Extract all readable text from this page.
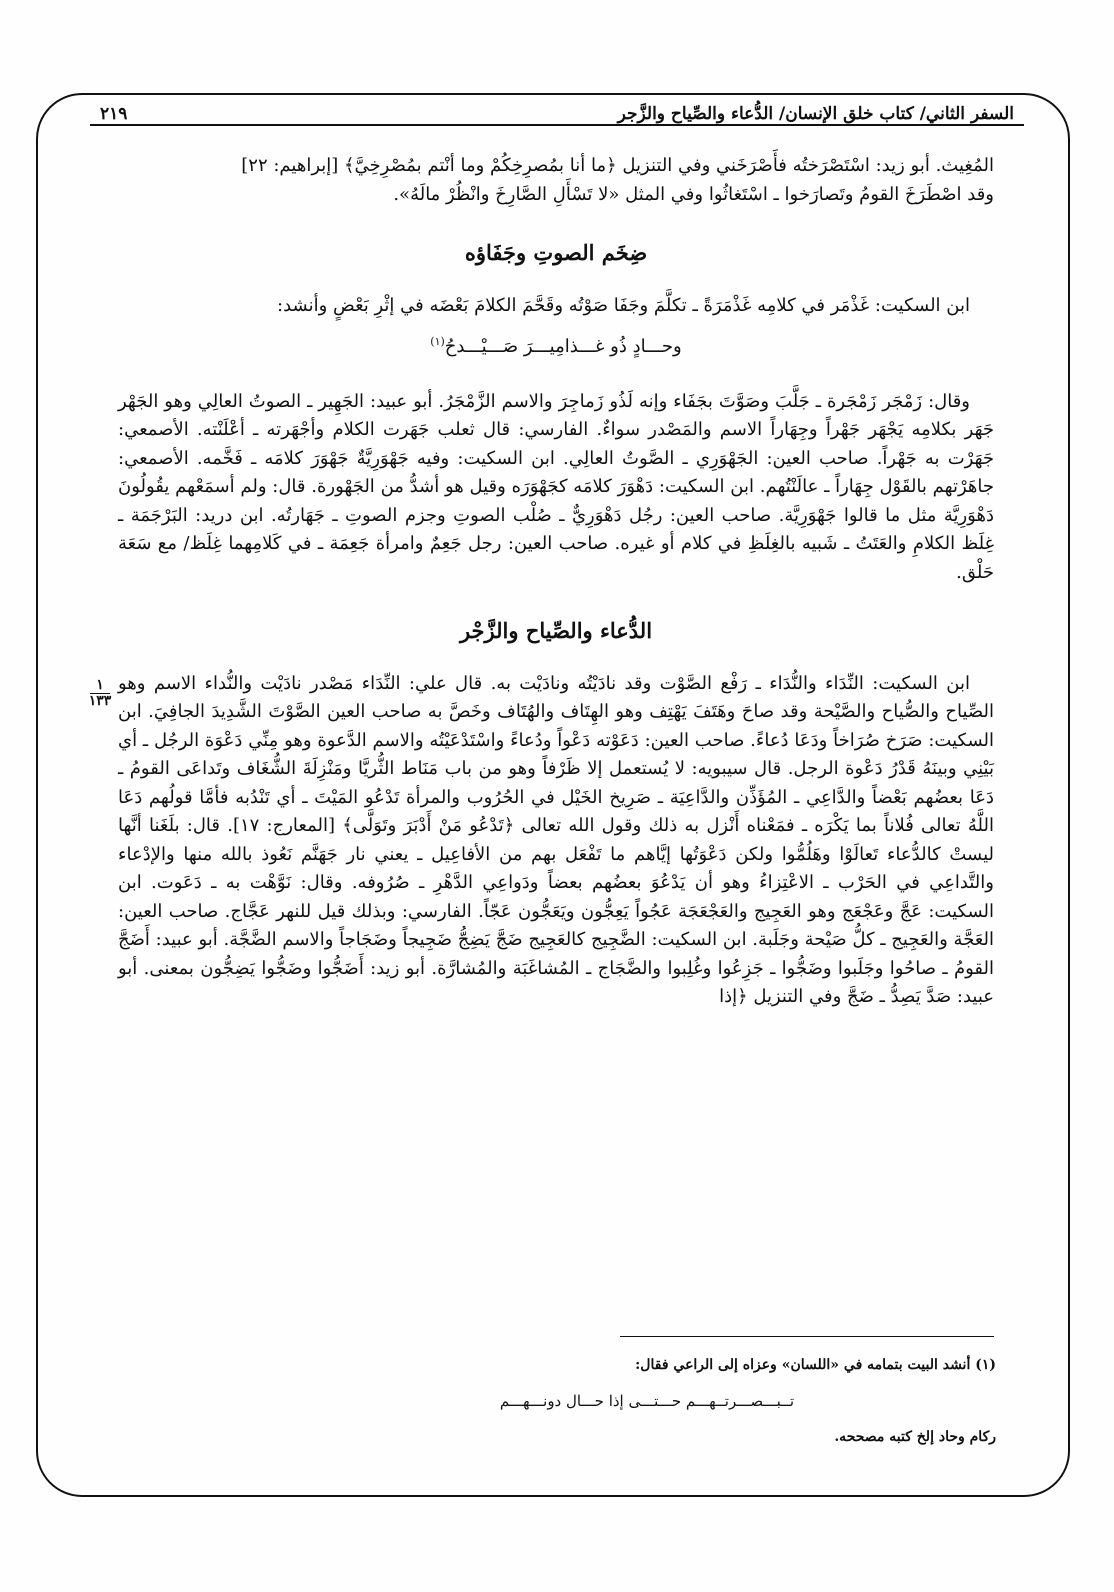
السفر الثاني/ كتاب خلق الإنسان/ الدُّعاء والصِّياح والزَّجر
٢١٩

المُغِيث. أبو زيد: اسْتَصْرَختُه فأَصْرَخَني وفي التنزيل ﴿ما أنا بمُصرِخِكُمْ وما أنْتم بمُصْرِخِيَّ﴾ [إبراهيم: ٢٢]

وقد اصْطَرَخَ القومُ وتَصارَخوا ـ اسْتَغاثُوا وفي المثل «لا تَسْأَلِ الصَّارِخَ وانْظُرْ مالَهُ».

ضِخَم الصوتِ وجَفَاؤه

ابن السكيت: غَذْمَر في كلامِه غَذْمَرَةً ـ تكلَّمَ وجَفَا صَوْتُه وقَحَّمَ الكلامَ بَعْضَه في إثْرِ بَعْضٍ وأنشد:

وحـــادٍ ذُو غـــذامِيـــرَ صَـــيْـــدحُ$^{(١)}$

وقال: زَمْجَر زَمْجَرة ـ جَلَّبَ وصَوَّتَ بجَفَاء وإنه لَذُو زَماجِرَ والاسم الزَّمْجَرُ. أبو عبيد: الجَهِير ـ الصوتُ العالِي وهو الجَهْر جَهَر بكلامِه يَجْهَر جَهْراً وجِهَاراً الاسم والمَصْدر سواءٌ. الفارسي: قال ثعلب جَهَرت الكلام وأجْهَرته ـ أعْلَنْته. الأصمعي: جَهَرْت به جَهْراً. صاحب العين: الجَهْوَرِي ـ الصَّوتُ العالِي. ابن السكيت: وفيه جَهْوَرِيَّةٌ جَهْوَرَ كلامَه ـ فَخَّمه. الأصمعي: جاهَرْتهم بالقَوْل جِهَاراً ـ عالَنْتُهم. ابن السكيت: دَهْوَرَ كلامَه كجَهْوَرَه وقيل هو أشدُّ من الجَهْورة. قال: ولم أسمَعْهم يقُولُونَ دَهْوَرِيَّة مثل ما قالوا جَهْوَرِيَّة. صاحب العين: رجُل دَهْوَرِيٌّ ـ صُلْب الصوتِ وجزم الصوتِ ـ جَهَارتُه. ابن دريد: البَرْجَمَة ـ غِلَظ الكلامِ والعَتَتُ ـ شَبيه بالغِلَظِ في كلام أو غيره. صاحب العين: رجل جَعِمٌ وامرأة جَعِمَة ـ في كَلامِهما غِلَظ/ مع سَعَة حَلْق.

الدُّعاء والصِّياح والزَّجْر

ابن السكيت: النِّدَاء والنُّدَاء ـ رَفْع الصَّوْت وقد نادَيْتُه ونادَيْت به. قال علي: النِّدَاء مَصْدر نادَيْت والنُّداء الاسم وهو الصِّياح والصُّياح والصَّيْحة وقد صاحَ وهَتَفَ يَهْتِف وهو الهِتَاف والهُتَاف وخَصَّ به صاحب العين الصَّوْتَ الشَّدِيدَ الجافِيَ. ابن السكيت: صَرَخ صُرَاخاً ودَعَا دُعاءً. صاحب العين: دَعَوْته دَعْواً ودُعاءً واسْتَدْعَيْتُه والاسم الدَّعوة وهو مِنِّي دَعْوَة الرجُل ـ أي بَيْنِي وبينَهُ قَدْرُ دَعْوة الرجل. قال سيبويه: لا يُستعمل إلا ظَرْفاً وهو من باب مَنَاط الثُّريَّا ومَنْزِلَةَ الشُّغَاف وتَداعَى القومُ ـ دَعَا بعضُهم بَعْضاً والدَّاعِي ـ المُؤَذِّن والدَّاعِيَة ـ صَرِيخ الخَيْل في الحُرُوب والمرأة تَدْعُو المَيْتَ ـ أي تَنْدُبه فأمَّا قولُهم دَعَا اللَّهُ تعالى فُلاناً بما يَكْرَه ـ فمَعْناه أَنْزل به ذلك وقول الله تعالى ﴿تَدْعُو مَنْ أَدْبَرَ وتَوَلَّى﴾ [المعارج: ١٧]. قال: بلَغَنا أنَّها ليستْ كالدُّعاء تَعالَوْا وهَلُمُّوا ولكن دَعْوَتُها إيَّاهم ما تَفْعَل بهم من الأفاعِيل ـ يعني نار جَهَنَّم نَعُوذ بالله منها والإدْعاء والتَّداعِي في الحَرْب ـ الاعْتِزاءُ وهو أن يَدْعُوَ بعضُهم بعضاً ودَواعِي الدَّهْرِ ـ صُرُوفه. وقال: نَوَّهْت به ـ دَعَوت. ابن السكيت: عَجَّ وعَجْعَج وهو العَجِيج والعَجْعَجَة عَجُواً يَعِجُّون ويَعَجُّون عَجّاً. الفارسي: وبذلك قيل للنهر عَجَّاج. صاحب العين: العَجَّة والعَجِيج ـ كلُّ صَيْحة وجَلَبة. ابن السكيت: الضَّجِيج كالعَجِيج ضَجَّ يَضِجُّ ضَجِيجاً وضَجَاجاً والاسم الضَّجَّة. أبو عبيد: أَضَجَّ القومُ ـ صاحُوا وجَلَبوا وضَجُّوا ـ جَزِعُوا وغُلِبوا والضَّجَاج ـ المُشاغَبَة والمُشارَّة. أبو زيد: أَضَجُّوا وضَجُّوا يَضِجُّون بمعنى. أبو عبيد: صَدَّ يَصِدُّ ـ ضَجَّ وفي التنزيل ﴿إذا

١
١٣٣

(١) أنشد البيت بتمامه في «اللسان» وعزاه إلى الراعي فقال:

تــبـــصـــرتــهـــم حـــتـــى إذا حـــال دونـــهـــم

ركام وحاد إلخ كتبه مصححه.
